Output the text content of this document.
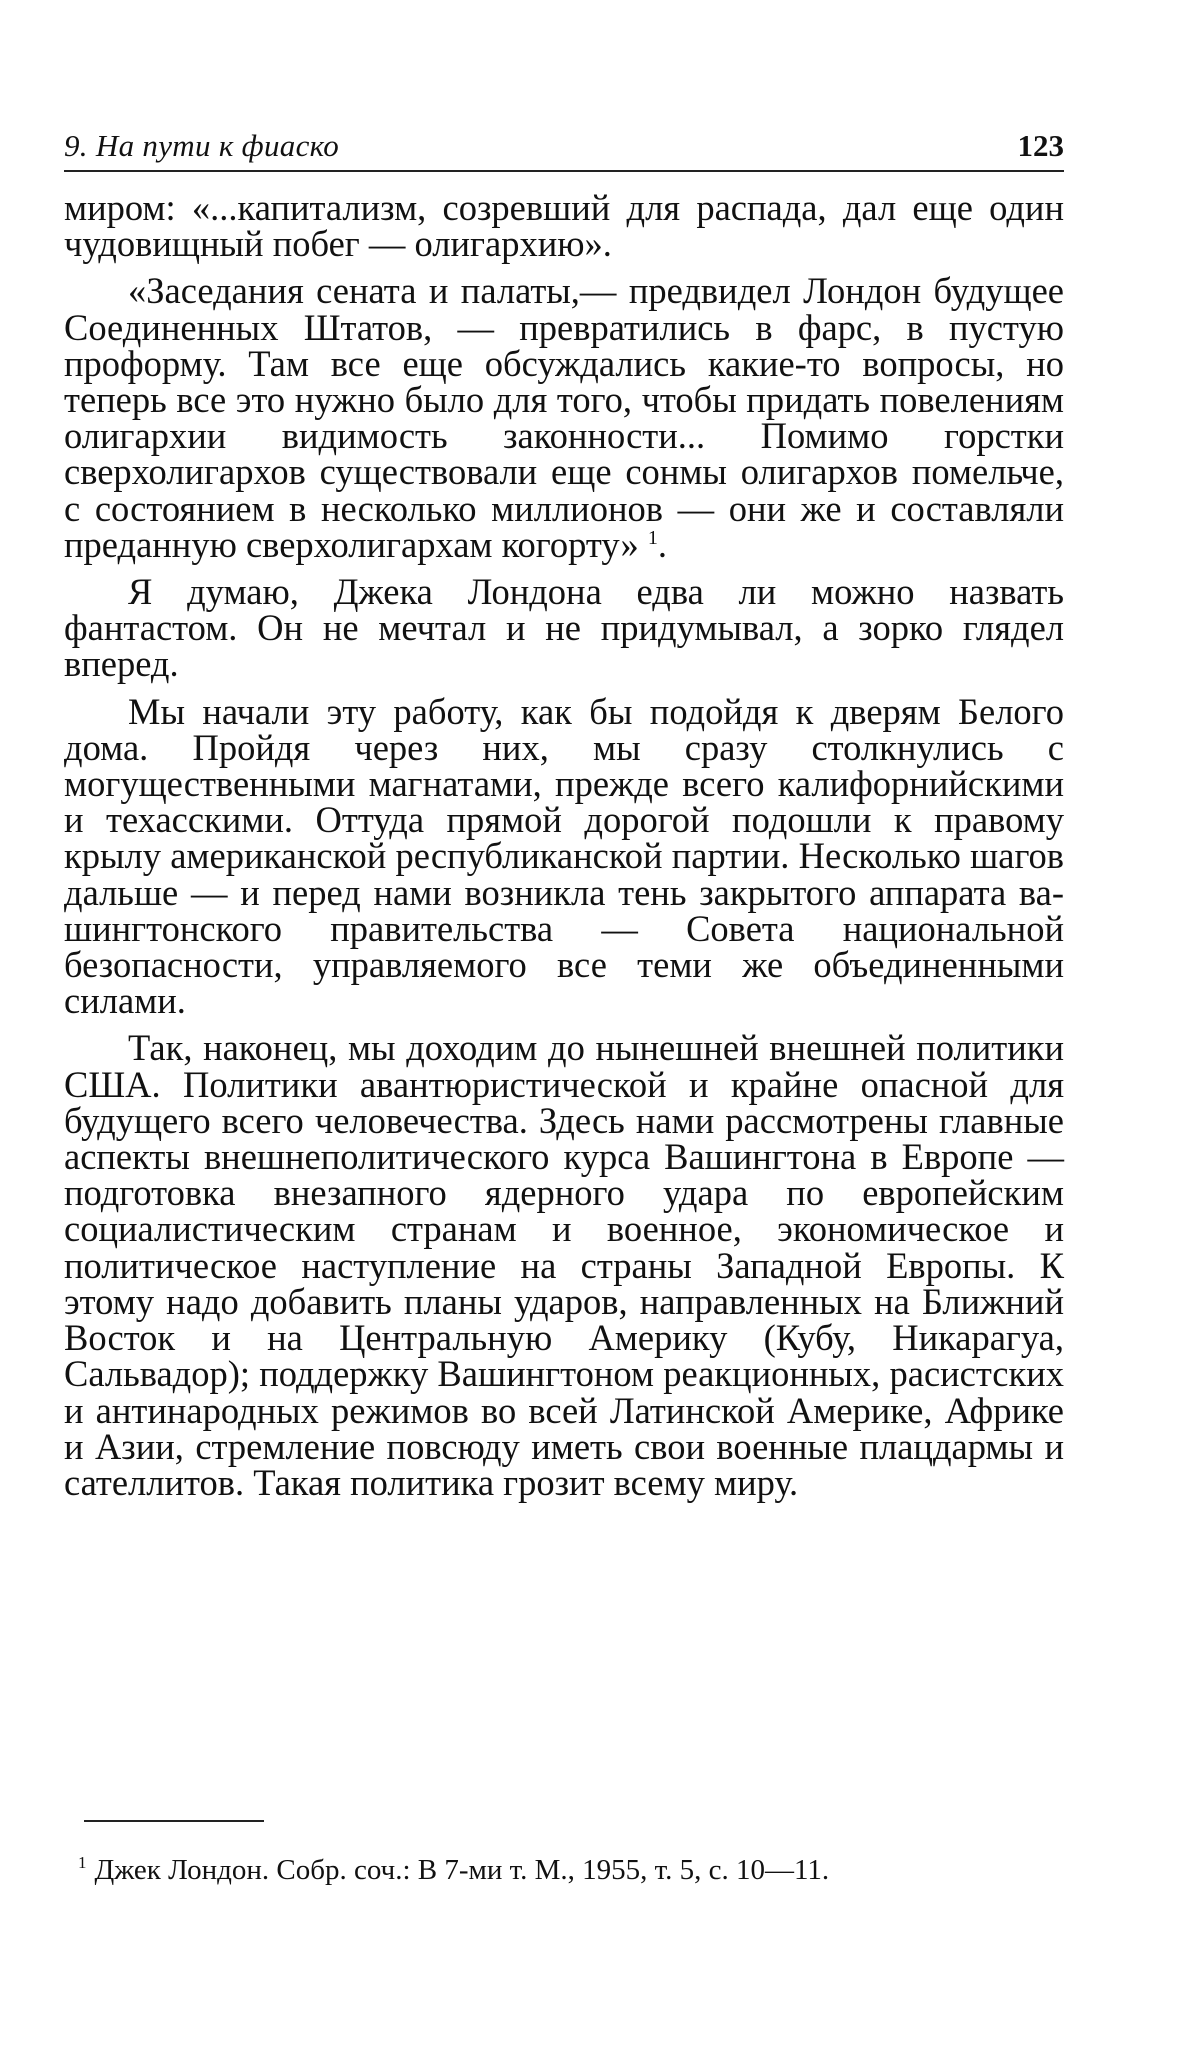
9. На пути к фиаско	123

миром: «...капитализм, созревший для распада, дал еще один чудовищный побег — олигархию».

«Заседания сената и палаты,— предвидел Лондон будущее Соединенных Штатов, — превратились в фарс, в пустую проформу. Там все еще обсуждались какие-то вопросы, но теперь все это нужно было для того, чтобы придать повелениям олигархии видимость законности... Помимо горстки сверхолигархов существовали еще сонмы олигархов помельче, с состоянием в несколько миллионов — они же и составляли преданную сверхолигархам когорту» $^1$.

Я думаю, Джека Лондона едва ли можно назвать фантастом. Он не мечтал и не придумывал, а зорко глядел вперед.

Мы начали эту работу, как бы подойдя к дверям Белого дома. Пройдя через них, мы сразу столкнулись с могущественными магнатами, прежде всего калифорнийскими и техасскими. Оттуда прямой дорогой подошли к правому крылу американской республиканской партии. Несколько шагов дальше — и перед нами возникла тень закрытого аппарата вашингтонского правительства — Совета национальной безопасности, управляемого все теми же объединенными силами.

Так, наконец, мы доходим до нынешней внешней политики США. Политики авантюристической и крайне опасной для будущего всего человечества. Здесь нами рассмотрены главные аспекты внешнеполитического курса Вашингтона в Европе — подготовка внезапного ядерного удара по европейским социалистическим странам и военное, экономическое и политическое наступление на страны Западной Европы. К этому надо добавить планы ударов, направленных на Ближний Восток и на Центральную Америку (Кубу, Никарагуа, Сальвадор); поддержку Вашингтоном реакционных, расистских и антинародных режимов во всей Латинской Америке, Африке и Азии, стремление повсюду иметь свои военные плацдармы и сателлитов. Такая политика грозит всему миру.

$^1$ Джек Лондон. Собр. соч.: В 7-ми т. М., 1955, т. 5, с. 10—11.
